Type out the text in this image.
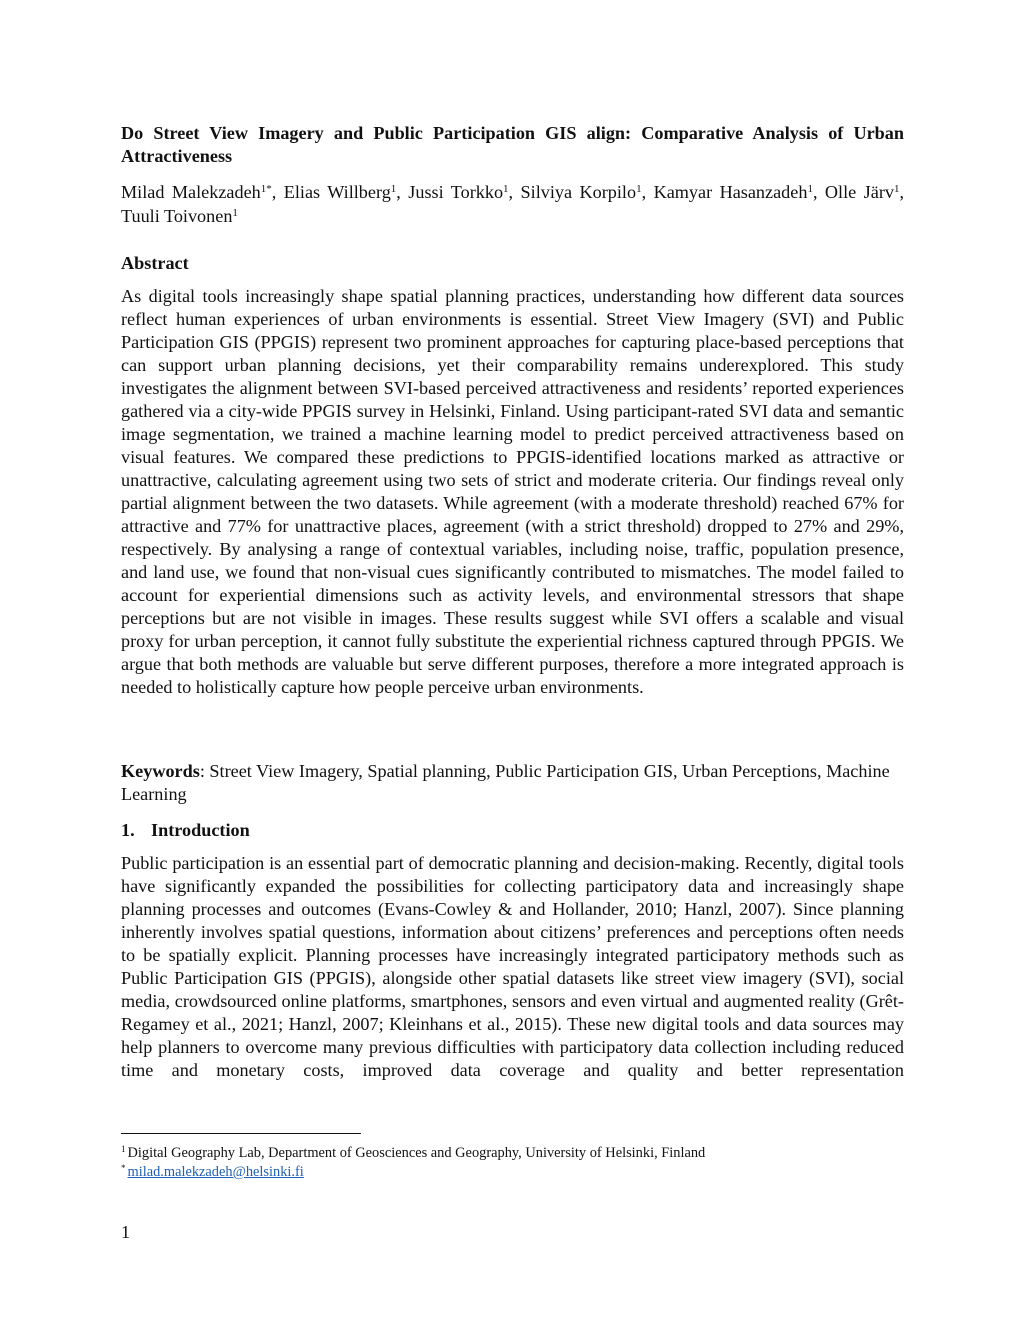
Do Street View Imagery and Public Participation GIS align: Comparative Analysis of Urban Attractiveness
Milad Malekzadeh$^{1*}$, Elias Willberg$^1$, Jussi Torkko$^1$, Silviya Korpilo$^1$, Kamyar Hasanzadeh$^1$, Olle Järv$^1$, Tuuli Toivonen$^1$
Abstract
As digital tools increasingly shape spatial planning practices, understanding how different data sources reflect human experiences of urban environments is essential. Street View Imagery (SVI) and Public Participation GIS (PPGIS) represent two prominent approaches for capturing place-based perceptions that can support urban planning decisions, yet their comparability remains underexplored. This study investigates the alignment between SVI-based perceived attractiveness and residents’ reported experiences gathered via a city-wide PPGIS survey in Helsinki, Finland. Using participant-rated SVI data and semantic image segmentation, we trained a machine learning model to predict perceived attractiveness based on visual features. We compared these predictions to PPGIS-identified locations marked as attractive or unattractive, calculating agreement using two sets of strict and moderate criteria. Our findings reveal only partial alignment between the two datasets. While agreement (with a moderate threshold) reached 67% for attractive and 77% for unattractive places, agreement (with a strict threshold) dropped to 27% and 29%, respectively. By analysing a range of contextual variables, including noise, traffic, population presence, and land use, we found that non-visual cues significantly contributed to mismatches. The model failed to account for experiential dimensions such as activity levels, and environmental stressors that shape perceptions but are not visible in images. These results suggest while SVI offers a scalable and visual proxy for urban perception, it cannot fully substitute the experiential richness captured through PPGIS. We argue that both methods are valuable but serve different purposes, therefore a more integrated approach is needed to holistically capture how people perceive urban environments.
Keywords: Street View Imagery, Spatial planning, Public Participation GIS, Urban Perceptions, Machine Learning
1. Introduction
Public participation is an essential part of democratic planning and decision-making. Recently, digital tools have significantly expanded the possibilities for collecting participatory data and increasingly shape planning processes and outcomes (Evans-Cowley & and Hollander, 2010; Hanzl, 2007). Since planning inherently involves spatial questions, information about citizens’ preferences and perceptions often needs to be spatially explicit. Planning processes have increasingly integrated participatory methods such as Public Participation GIS (PPGIS), alongside other spatial datasets like street view imagery (SVI), social media, crowdsourced online platforms, smartphones, sensors and even virtual and augmented reality (Grêt-Regamey et al., 2021; Hanzl, 2007; Kleinhans et al., 2015). These new digital tools and data sources may help planners to overcome many previous difficulties with participatory data collection including reduced time and monetary costs, improved data coverage and quality and better representation
$^1$ Digital Geography Lab, Department of Geosciences and Geography, University of Helsinki, Finland
* milad.malekzadeh@helsinki.fi
1
